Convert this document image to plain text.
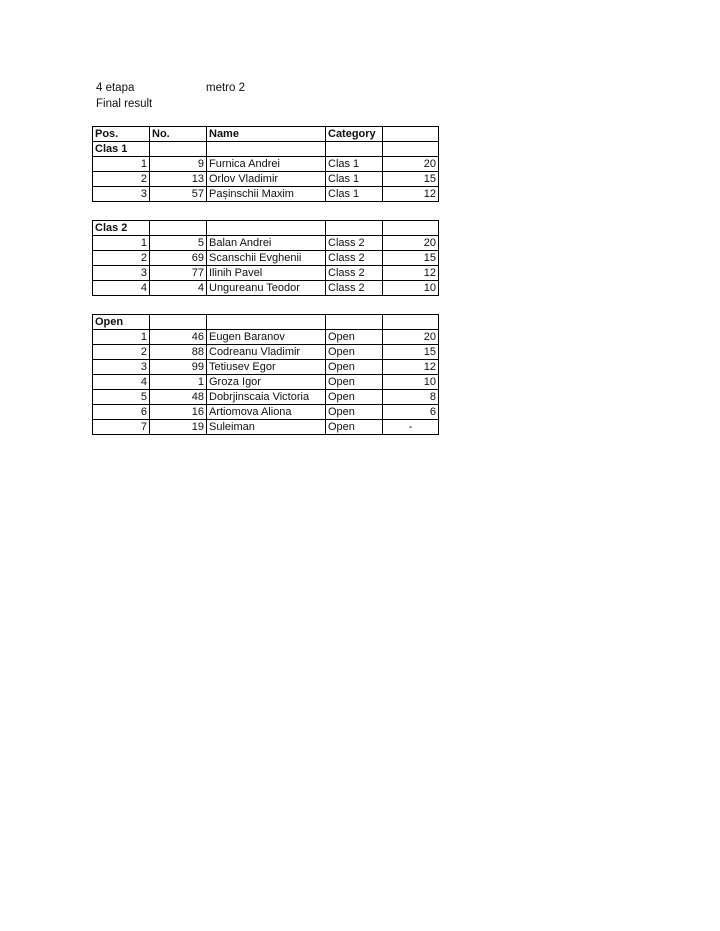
4 etapa	metro 2
Final result
Pos.	No.	Name	Category	
Clas 1				
1	9	Furnica Andrei	Clas 1	20
2	13	Orlov Vladimir	Clas 1	15
3	57	Pașinschii Maxim	Clas 1	12
Clas 2				
1	5	Balan Andrei	Class 2	20
2	69	Scanschii Evghenii	Class 2	15
3	77	Ilinih Pavel	Class 2	12
4	4	Ungureanu Teodor	Class 2	10
Open				
1	46	Eugen Baranov	Open	20
2	88	Codreanu Vladimir	Open	15
3	99	Tetiusev Egor	Open	12
4	1	Groza Igor	Open	10
5	48	Dobrjinscaia Victoria	Open	8
6	16	Artiomova Aliona	Open	6
7	19	Suleiman	Open	-
